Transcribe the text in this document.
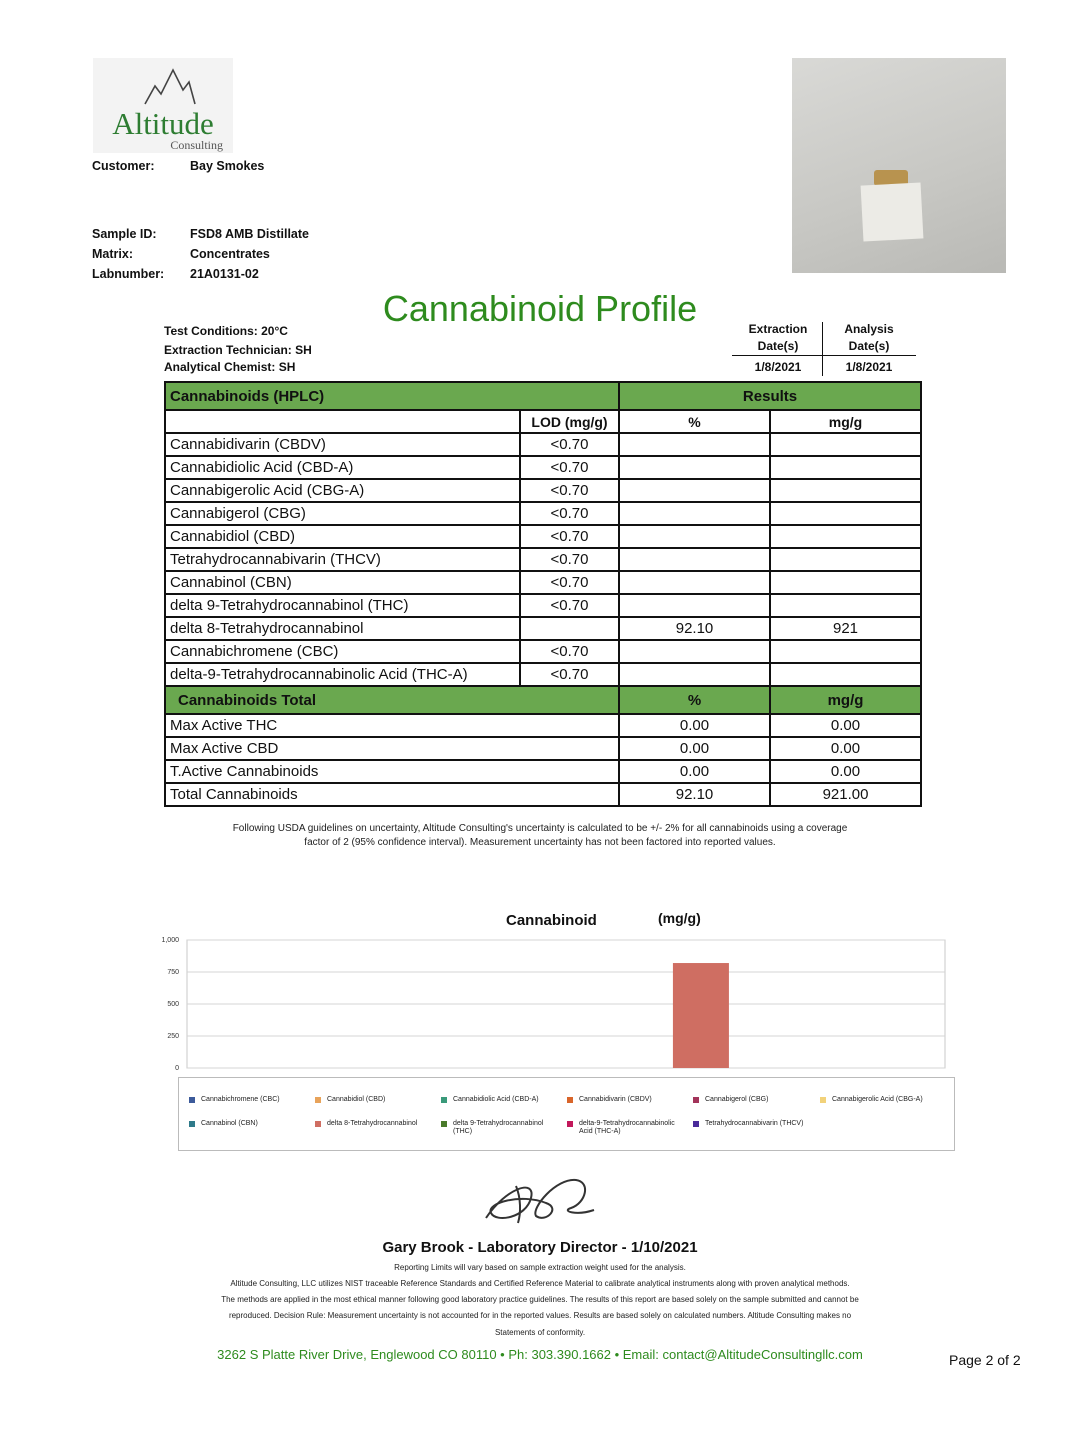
Altitude
Consulting
Customer:	Bay Smokes
Sample ID:	FSD8 AMB Distillate
Matrix:	Concentrates
Labnumber: 21A0131-02
Cannabinoid Profile
Test Conditions: 20°C
Extraction Technician: SH
Analytical Chemist: SH
Extraction
Date(s)
1/8/2021
Analysis
Date(s)
1/8/2021
Cannabinoids (HPLC)		Results	
	LOD (mg/g)	%	mg/g
Cannabidivarin (CBDV)	<0.70		
Cannabidiolic Acid (CBD-A)	<0.70		
Cannabigerolic Acid (CBG-A)	<0.70		
Cannabigerol (CBG)	<0.70		
Cannabidiol (CBD)	<0.70		
Tetrahydrocannabivarin (THCV)	<0.70		
Cannabinol (CBN)	<0.70		
delta 9-Tetrahydrocannabinol (THC)	<0.70		
delta 8-Tetrahydrocannabinol		92.10	921
Cannabichromene (CBC)	<0.70		
delta-9-Tetrahydrocannabinolic Acid (THC-A)	<0.70		
Cannabinoids Total		%	mg/g
Max Active THC		0.00	0.00
Max Active CBD		0.00	0.00
T.Active Cannabinoids		0.00	0.00
Total Cannabinoids		92.10	921.00
Following USDA guidelines on uncertainty, Altitude Consulting's uncertainty is calculated to be +/- 2% for all cannabinoids using a coverage
factor of 2 (95% confidence interval). Measurement uncertainty has not been factored into reported values.
Cannabinoid	(mg/g)
1,000
750
500
250
0
Cannabichromene (CBC)	Cannabidiol (CBD)	Cannabidiolic Acid (CBD-A)	Cannabidivarin (CBDV)	Cannabigerol (CBG)	Cannabigerolic Acid (CBG-A)
Cannabinol (CBN)	delta 8-Tetrahydrocannabinol	delta 9-Tetrahydrocannabinol (THC)
delta-9-Tetrahydrocannabinolic Acid (THC-A)
Tetrahydrocannabivarin (THCV)
Gary Brook - Laboratory Director - 1/10/2021
Reporting Limits will vary based on sample extraction weight used for the analysis.
Altitude Consulting, LLC utilizes NIST traceable Reference Standards and Certified Reference Material to calibrate analytical instruments along with proven analytical methods.
The methods are applied in the most ethical manner following good laboratory practice guidelines. The results of this report are based solely on the sample submitted and cannot be
reproduced. Decision Rule: Measurement uncertainty is not accounted for in the reported values. Results are based solely on calculated numbers. Altitude Consulting makes no
Statements of conformity.
3262 S Platte River Drive, Englewood CO 80110 • Ph: 303.390.1662 • Email: contact@AltitudeConsultingllc.com	Page 2 of 2
